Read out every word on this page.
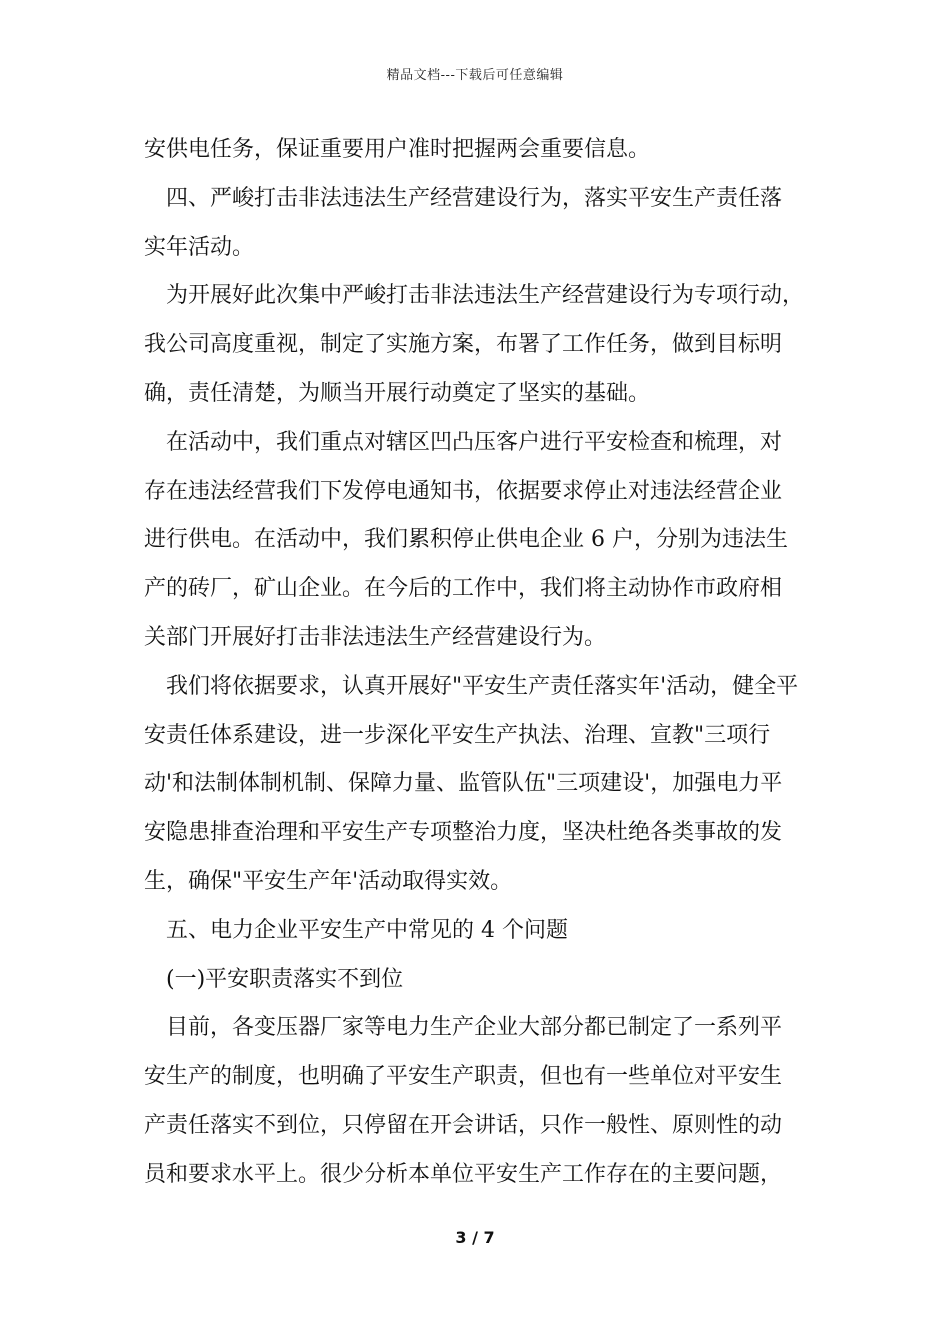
精品文档---下载后可任意编辑

安供电任务，保证重要用户准时把握两会重要信息。

四、严峻打击非法违法生产经营建设行为，落实平安生产责任落

实年活动。

为开展好此次集中严峻打击非法违法生产经营建设行为专项行动，

我公司高度重视，制定了实施方案，布署了工作任务，做到目标明

确，责任清楚，为顺当开展行动奠定了坚实的基础。

在活动中，我们重点对辖区凹凸压客户进行平安检查和梳理，对

存在违法经营我们下发停电通知书，依据要求停止对违法经营企业

进行供电。在活动中，我们累积停止供电企业 6 户，分别为违法生

产的砖厂，矿山企业。在今后的工作中，我们将主动协作市政府相

关部门开展好打击非法违法生产经营建设行为。

我们将依据要求，认真开展好"平安生产责任落实年'活动，健全平

安责任体系建设，进一步深化平安生产执法、治理、宣教"三项行

动'和法制体制机制、保障力量、监管队伍"三项建设'，加强电力平

安隐患排查治理和平安生产专项整治力度，坚决杜绝各类事故的发

生，确保"平安生产年'活动取得实效。

五、电力企业平安生产中常见的 4 个问题

(一)平安职责落实不到位

目前，各变压器厂家等电力生产企业大部分都已制定了一系列平

安生产的制度，也明确了平安生产职责，但也有一些单位对平安生

产责任落实不到位，只停留在开会讲话，只作一般性、原则性的动

员和要求水平上。很少分析本单位平安生产工作存在的主要问题，

3 / 7
